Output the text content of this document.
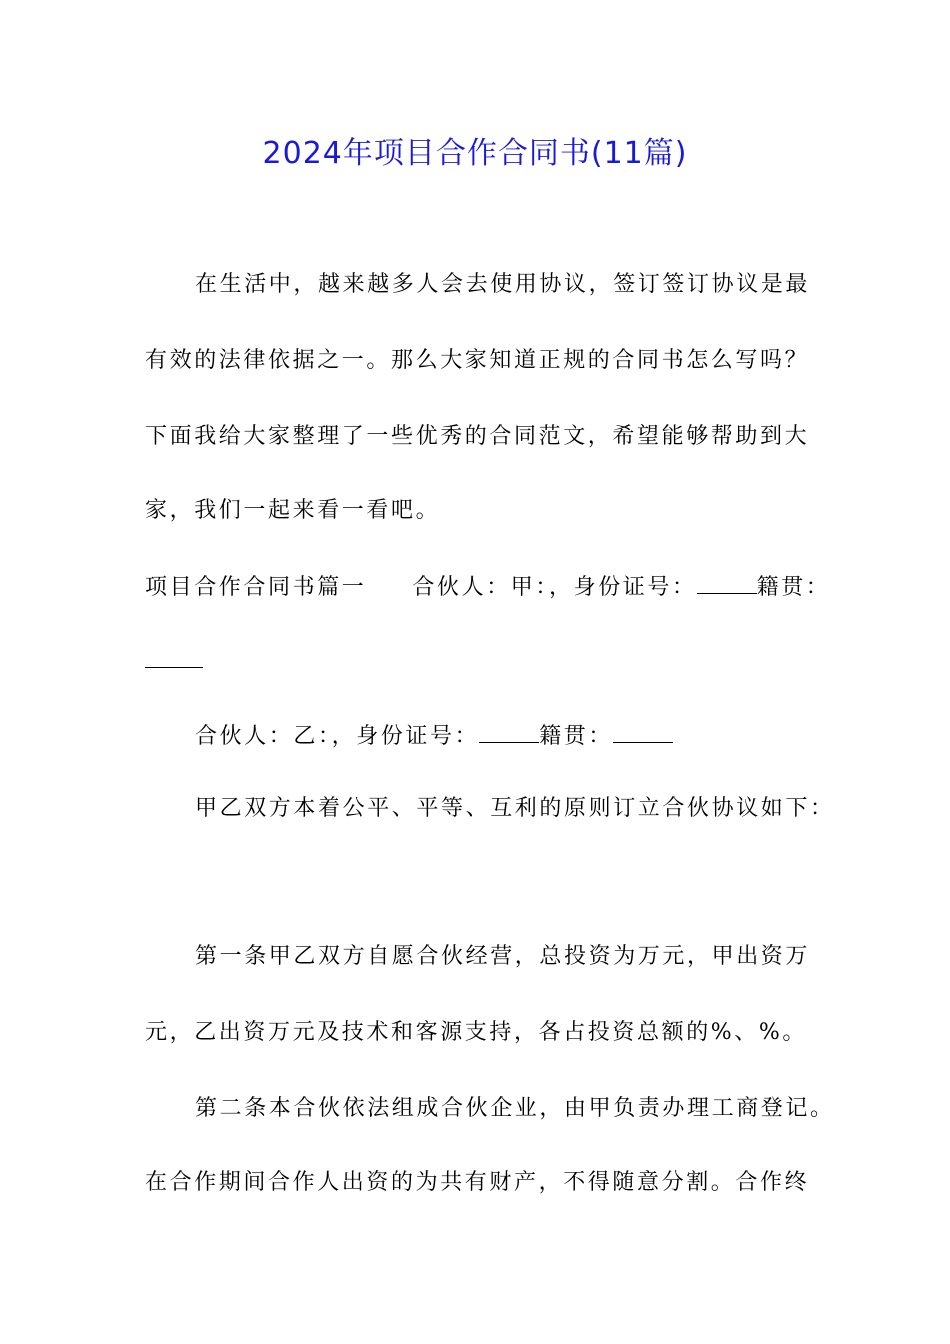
2024年项目合作合同书(11篇)
在生活中，越来越多人会去使用协议，签订签订协议是最
有效的法律依据之一。那么大家知道正规的合同书怎么写吗？
下面我给大家整理了一些优秀的合同范文，希望能够帮助到大
家，我们一起来看一看吧。
项目合作合同书篇一 合伙人：甲：，身份证号：	籍贯：
合伙人：乙：，身份证号：	籍贯：
甲乙双方本着公平、平等、互利的原则订立合伙协议如下：
第一条甲乙双方自愿合伙经营，总投资为万元，甲出资万
元，乙出资万元及技术和客源支持，各占投资总额的%、%。
第二条本合伙依法组成合伙企业，由甲负责办理工商登记。
在合作期间合作人出资的为共有财产，不得随意分割。合作终
